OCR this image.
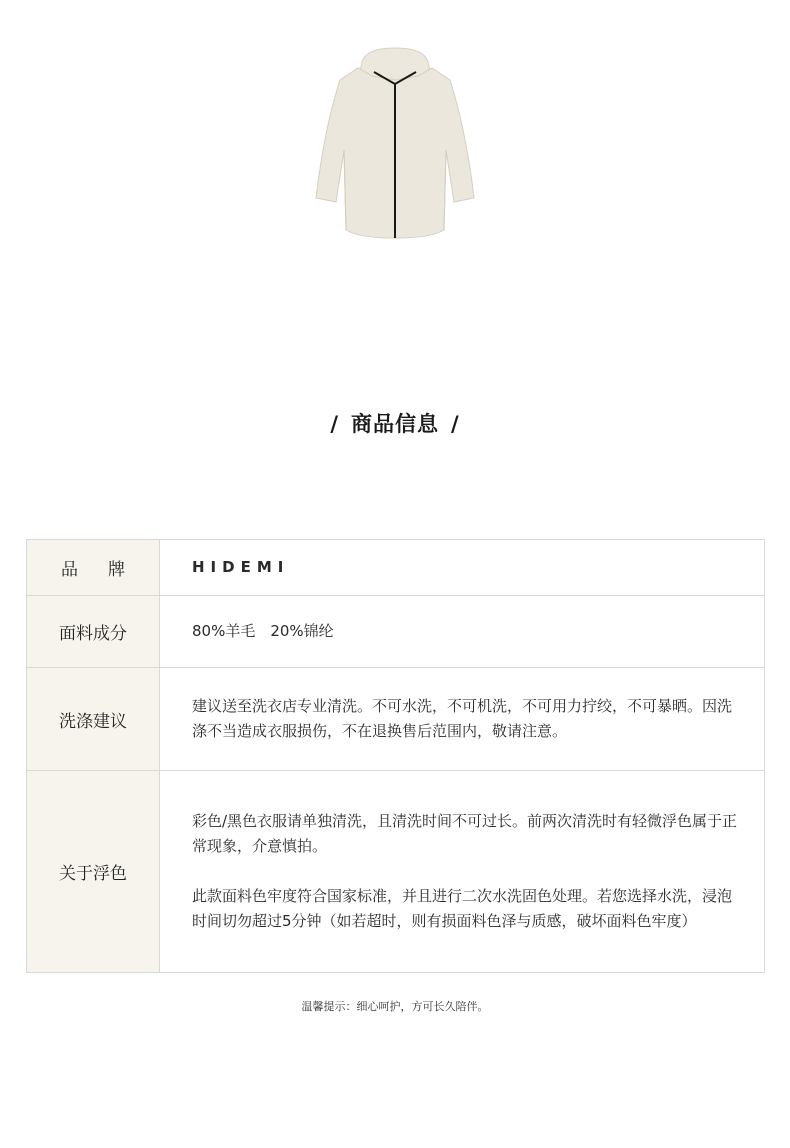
/ 商品信息 /
品牌	HIDEMI
面料成分	80%羊毛　20%锦纶
洗涤建议	建议送至洗衣店专业清洗。不可水洗，不可机洗，不可用力拧绞，不可暴晒。因洗涤不当造成衣服损伤，不在退换售后范围内，敬请注意。
关于浮色	彩色/黑色衣服请单独清洗，且清洗时间不可过长。前两次清洗时有轻微浮色属于正常现象，介意慎拍。

此款面料色牢度符合国家标准，并且进行二次水洗固色处理。若您选择水洗，浸泡时间切勿超过5分钟（如若超时，则有损面料色泽与质感，破坏面料色牢度）

温馨提示：细心呵护，方可长久陪伴。
